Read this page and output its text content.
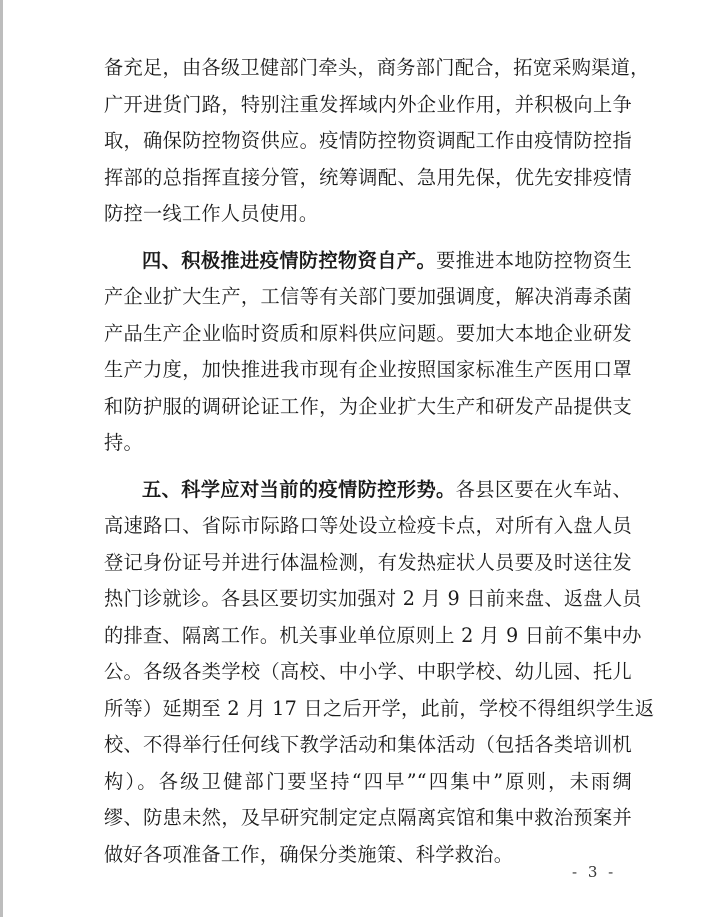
备充足，由各级卫健部门牵头，商务部门配合，拓宽采购渠道，
广开进货门路，特别注重发挥域内外企业作用，并积极向上争
取，确保防控物资供应。疫情防控物资调配工作由疫情防控指
挥部的总指挥直接分管，统筹调配、急用先保，优先安排疫情
防控一线工作人员使用。
四、积极推进疫情防控物资自产。要推进本地防控物资生
产企业扩大生产，工信等有关部门要加强调度，解决消毒杀菌
产品生产企业临时资质和原料供应问题。要加大本地企业研发
生产力度，加快推进我市现有企业按照国家标准生产医用口罩
和防护服的调研论证工作，为企业扩大生产和研发产品提供支
持。
五、科学应对当前的疫情防控形势。各县区要在火车站、
高速路口、省际市际路口等处设立检疫卡点，对所有入盘人员
登记身份证号并进行体温检测，有发热症状人员要及时送往发
热门诊就诊。各县区要切实加强对 2 月 9 日前来盘、返盘人员
的排查、隔离工作。机关事业单位原则上 2 月 9 日前不集中办
公。各级各类学校（高校、中小学、中职学校、幼儿园、托儿
所等）延期至 2 月 17 日之后开学，此前，学校不得组织学生返
校、不得举行任何线下教学活动和集体活动（包括各类培训机
构）。各级卫健部门要坚持“四早”“四集中”原则，未雨绸
缪、防患未然，及早研究制定定点隔离宾馆和集中救治预案并
做好各项准备工作，确保分类施策、科学救治。
- 3 -
